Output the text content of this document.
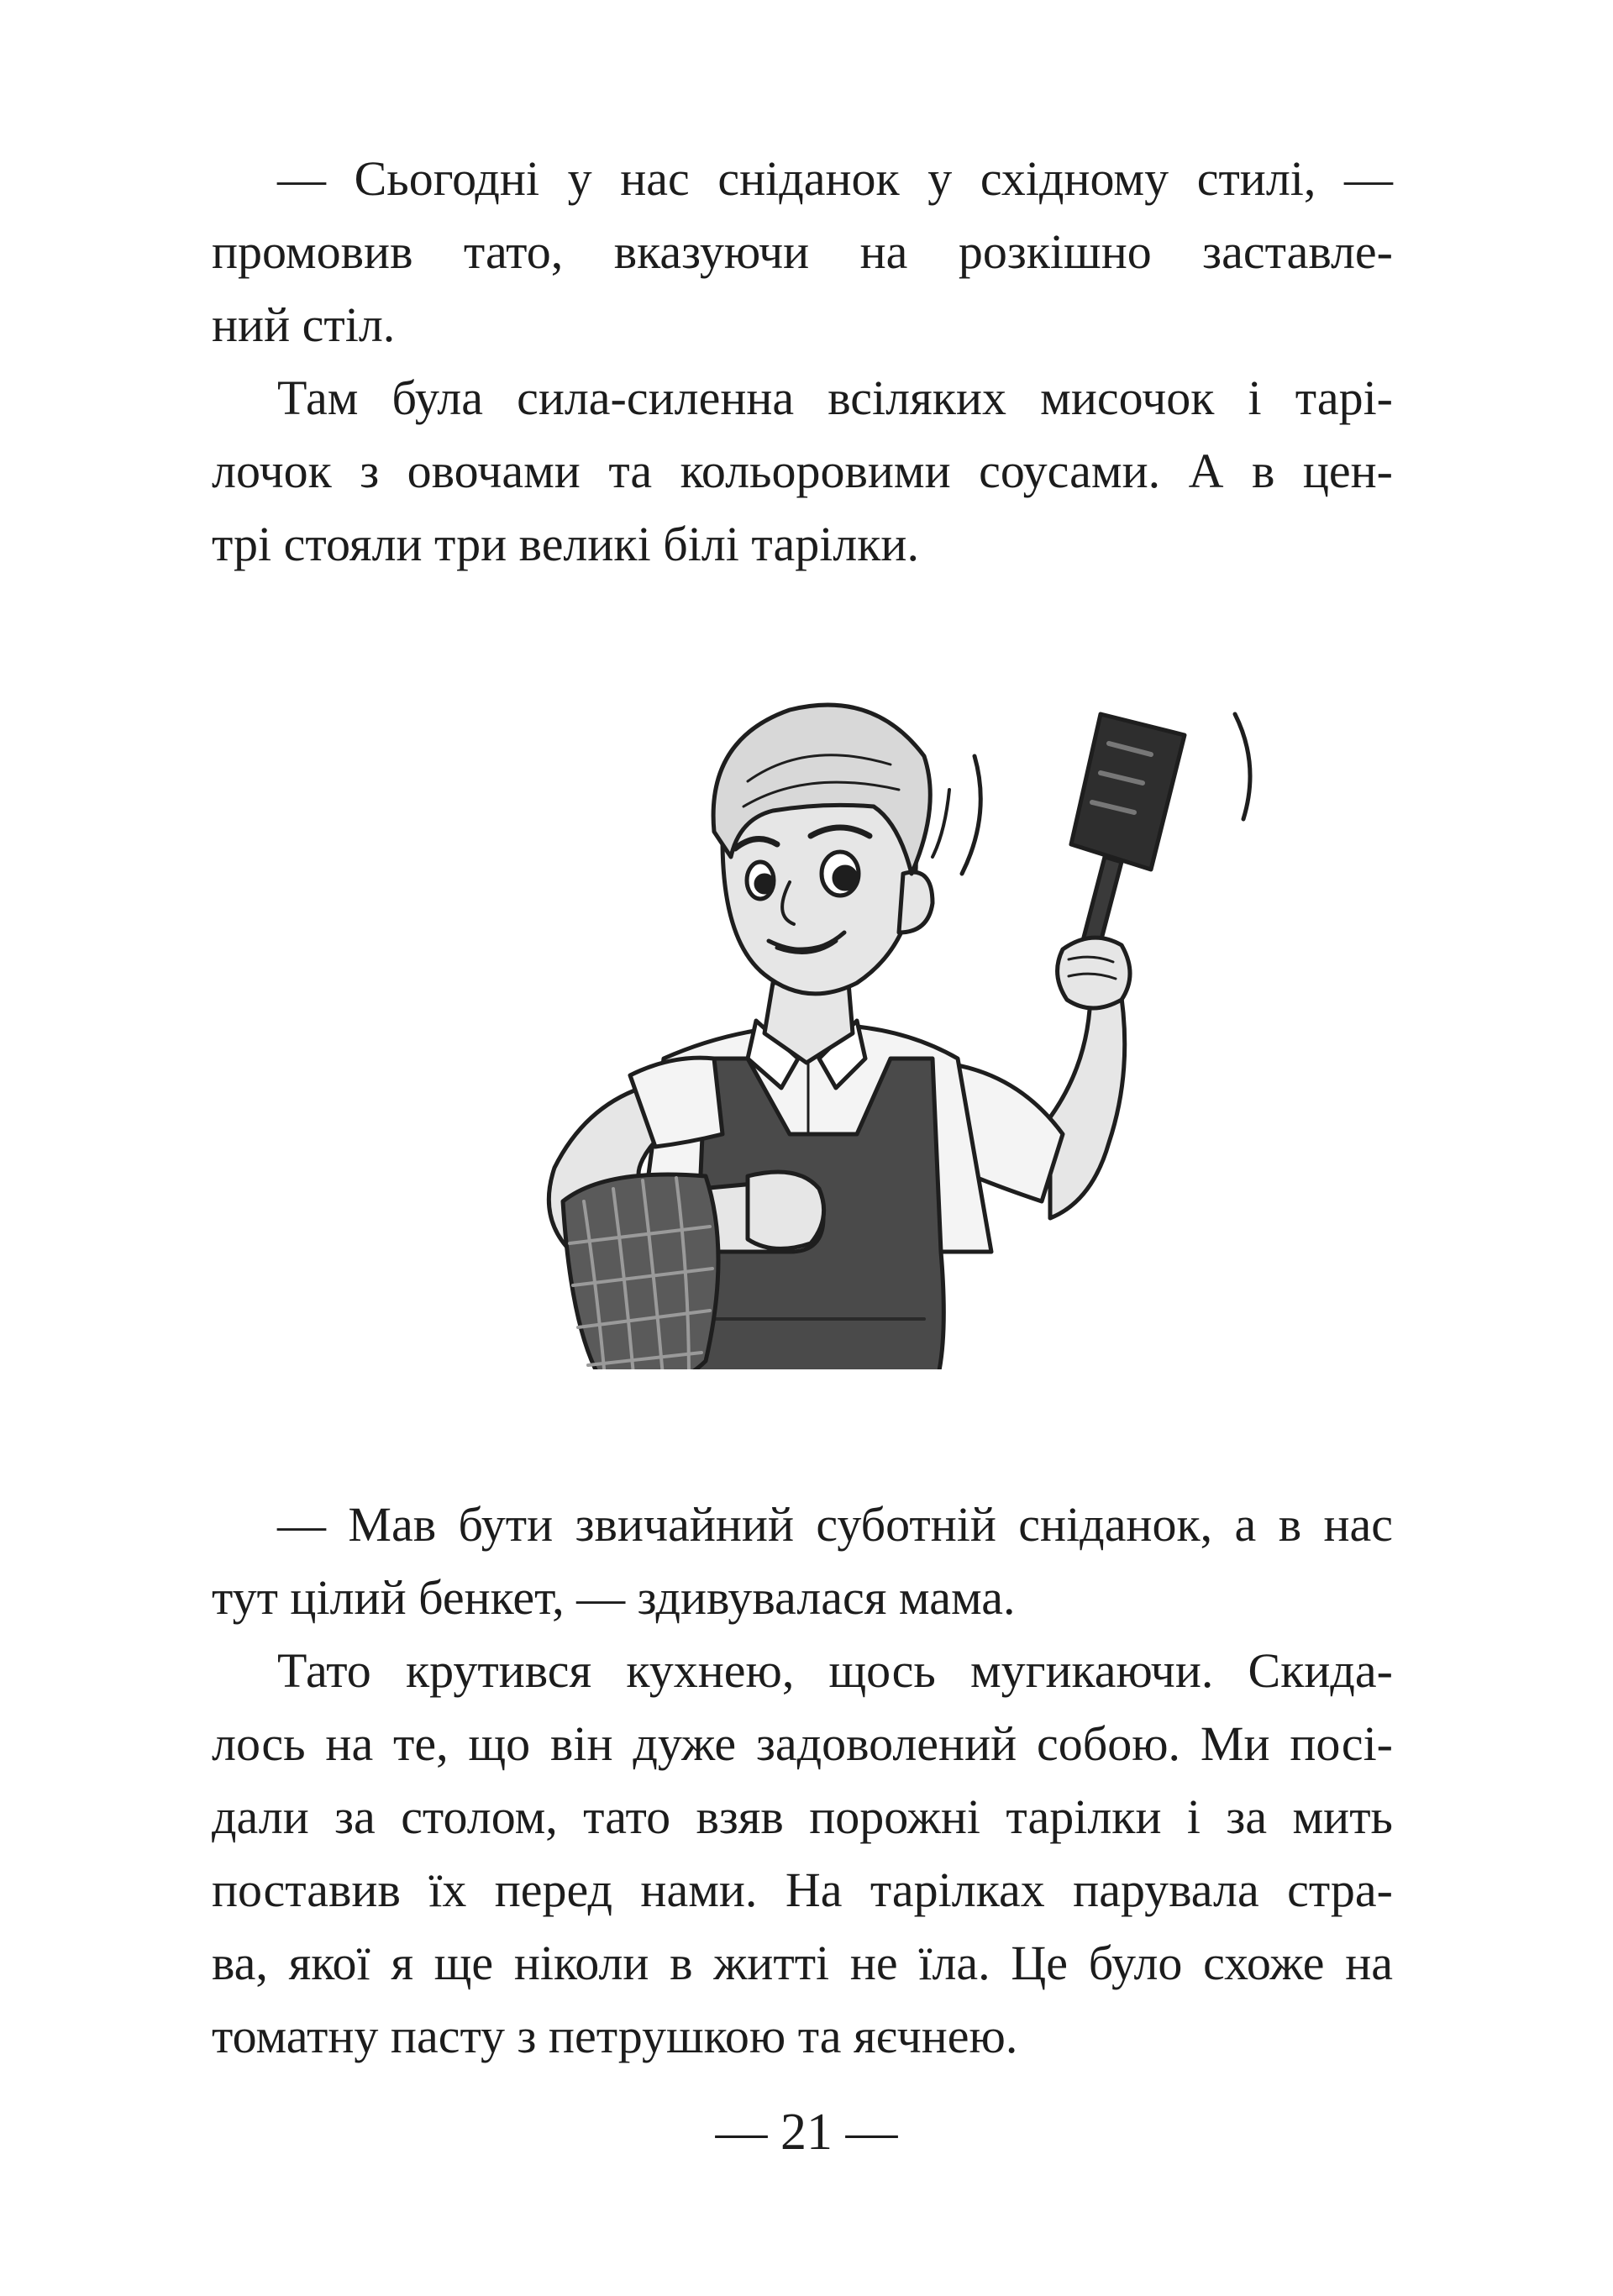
— Сьогодні у нас сніданок у східному стилі, —
промовив тато, вказуючи на розкішно заставле-
ний стіл.
Там була сила-силенна всіляких мисочок і тарі-
лочок з овочами та кольоровими соусами. А в цен-
трі стояли три великі білі тарілки.
— Мав бути звичайний суботній сніданок, а в нас
тут цілий бенкет, — здивувалася мама.
Тато крутився кухнею, щось мугикаючи. Скида-
лось на те, що він дуже задоволений собою. Ми посі-
дали за столом, тато взяв порожні тарілки і за мить
поставив їх перед нами. На тарілках парувала стра-
ва, якої я ще ніколи в житті не їла. Це було схоже на
томатну пасту з петрушкою та яєчнею.
— 21 —
